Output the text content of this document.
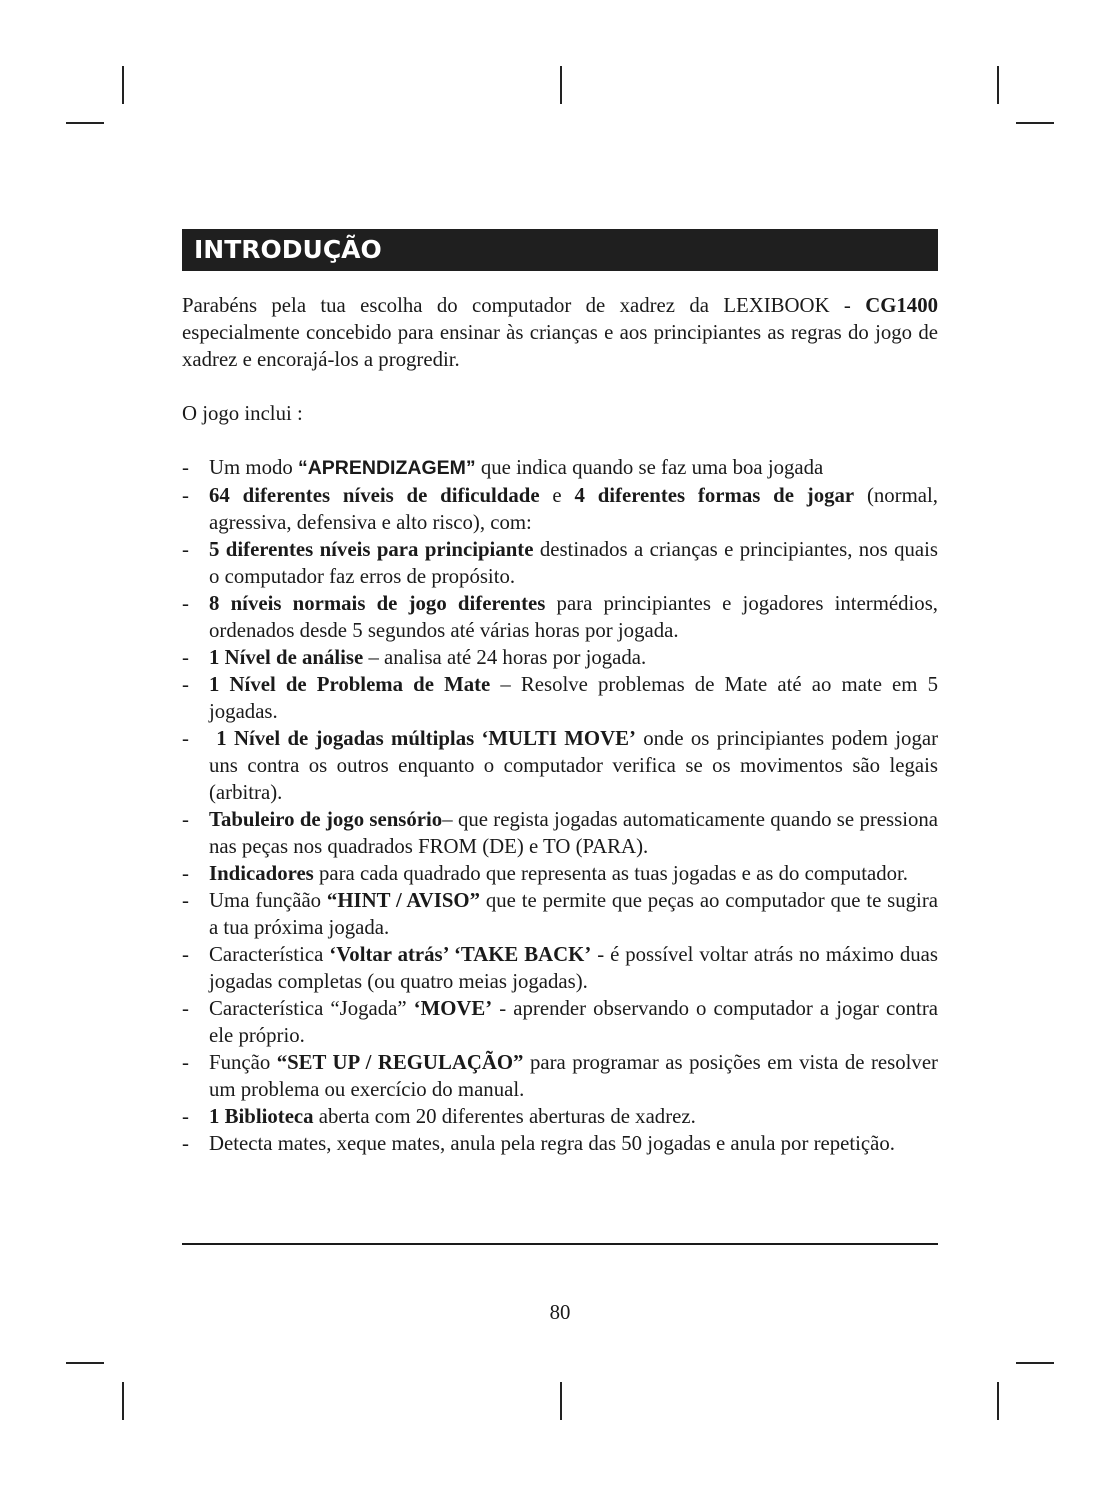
INTRODUÇÃO

Parabéns pela tua escolha do computador de xadrez da LEXIBOOK - CG1400 especialmente concebido para ensinar às crianças e aos principiantes as regras do jogo de xadrez e encorajá-los a progredir.

O jogo inclui :

- Um modo “APRENDIZAGEM” que indica quando se faz uma boa jogada
- 64 diferentes níveis de dificuldade e 4 diferentes formas de jogar (normal, agressiva, defensiva e alto risco), com:
- 5 diferentes níveis para principiante destinados a crianças e principiantes, nos quais o computador faz erros de propósito.
- 8 níveis normais de jogo diferentes para principiantes e jogadores intermédios, ordenados desde 5 segundos até várias horas por jogada.
- 1 Nível de análise – analisa até 24 horas por jogada.
- 1 Nível de Problema de Mate – Resolve problemas de Mate até ao mate em 5 jogadas.
- 1 Nível de jogadas múltiplas ‘MULTI MOVE’ onde os principiantes podem jogar uns contra os outros enquanto o computador verifica se os movimentos são legais (arbitra).
- Tabuleiro de jogo sensório– que regista jogadas automaticamente quando se pressiona nas peças nos quadrados FROM (DE) e TO (PARA).
- Indicadores para cada quadrado que representa as tuas jogadas e as do computador.
- Uma funçãão “HINT / AVISO” que te permite que peças ao computador que te sugira a tua próxima jogada.
- Característica ‘Voltar atrás’ ‘TAKE BACK’ - é possível voltar atrás no máximo duas jogadas completas (ou quatro meias jogadas).
- Característica “Jogada” ‘MOVE’ - aprender observando o computador a jogar contra ele próprio.
- Função “SET UP / REGULAÇÃO” para programar as posições em vista de resolver um problema ou exercício do manual.
- 1 Biblioteca aberta com 20 diferentes aberturas de xadrez.
- Detecta mates, xeque mates, anula pela regra das 50 jogadas e anula por repetição.
80
